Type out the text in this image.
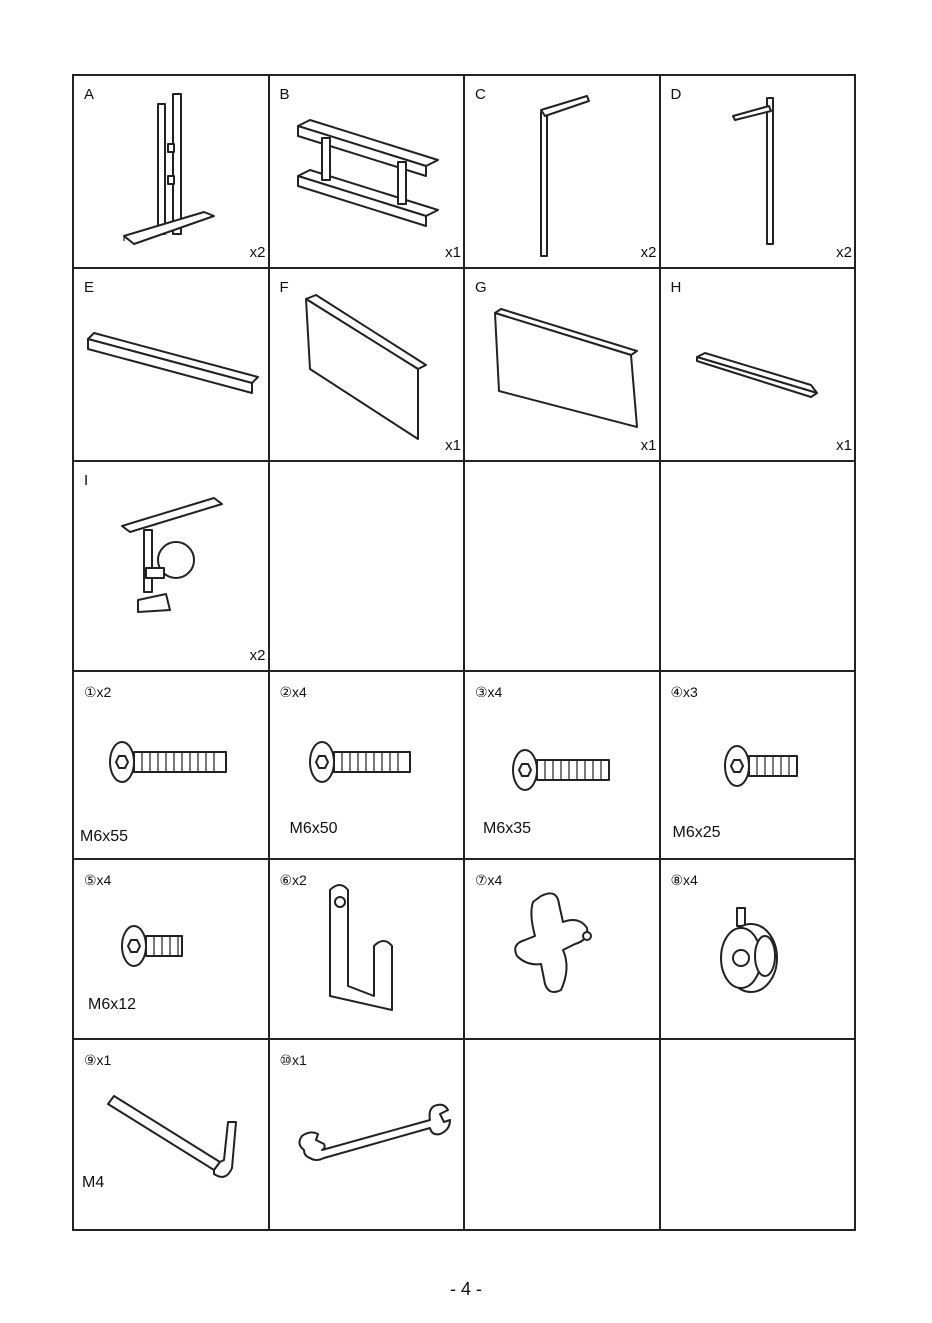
A
x2
B
x1
C
x2
D
x2
E	F
x1
G
x1
H
x1
I
x2
①x2
M6x55
②x4
M6x50
③x4
M6x35
④x3
M6x25
⑤x4
M6x12
⑥x2	⑦x4	⑧x4
⑨x1
M4
⑩x1
- 4 -
